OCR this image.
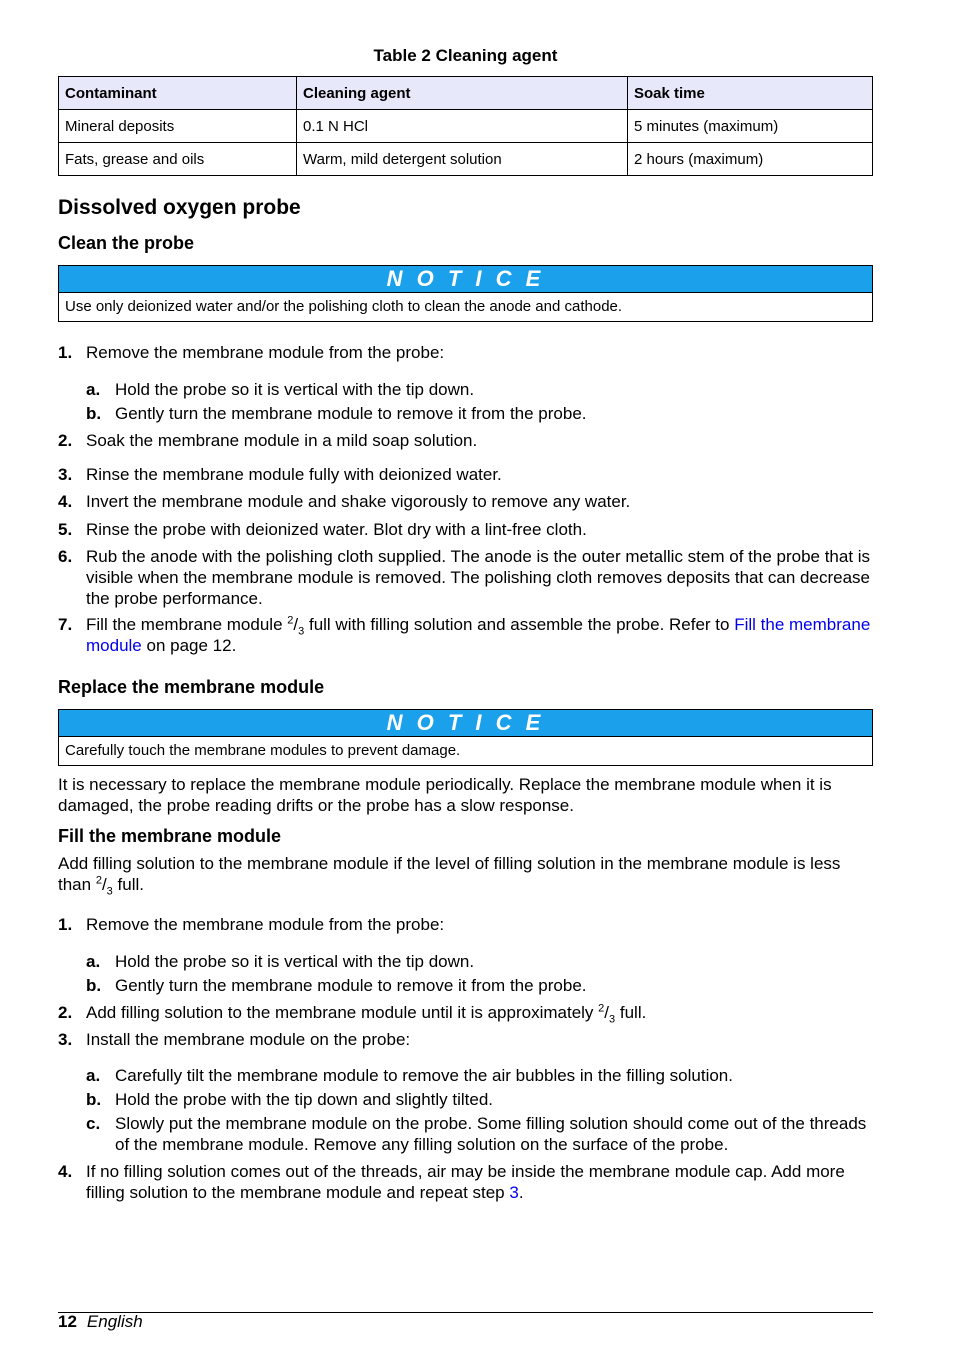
Table 2 Cleaning agent
Contaminant	Cleaning agent	Soak time
Mineral deposits	0.1 N HCl	5 minutes (maximum)
Fats, grease and oils	Warm, mild detergent solution	2 hours (maximum)
Dissolved oxygen probe
Clean the probe
N O T I C E
Use only deionized water and/or the polishing cloth to clean the anode and cathode.
1. Remove the membrane module from the probe:
a. Hold the probe so it is vertical with the tip down.
b. Gently turn the membrane module to remove it from the probe.
2. Soak the membrane module in a mild soap solution.
3. Rinse the membrane module fully with deionized water.
4. Invert the membrane module and shake vigorously to remove any water.
5. Rinse the probe with deionized water. Blot dry with a lint-free cloth.
6. Rub the anode with the polishing cloth supplied. The anode is the outer metallic stem of the probe that is visible when the membrane module is removed. The polishing cloth removes deposits that can decrease the probe performance.
7. Fill the membrane module $^2/_3$ full with filling solution and assemble the probe. Refer to Fill the membrane module on page 12.
Replace the membrane module
N O T I C E
Carefully touch the membrane modules to prevent damage.
It is necessary to replace the membrane module periodically. Replace the membrane module when it is damaged, the probe reading drifts or the probe has a slow response.
Fill the membrane module
Add filling solution to the membrane module if the level of filling solution in the membrane module is less than $^2/_3$ full.
1. Remove the membrane module from the probe:
a. Hold the probe so it is vertical with the tip down.
b. Gently turn the membrane module to remove it from the probe.
2. Add filling solution to the membrane module until it is approximately $^2/_3$ full.
3. Install the membrane module on the probe:
a. Carefully tilt the membrane module to remove the air bubbles in the filling solution.
b. Hold the probe with the tip down and slightly tilted.
c. Slowly put the membrane module on the probe. Some filling solution should come out of the threads of the membrane module. Remove any filling solution on the surface of the probe.
4. If no filling solution comes out of the threads, air may be inside the membrane module cap. Add more filling solution to the membrane module and repeat step 3.
12 English
